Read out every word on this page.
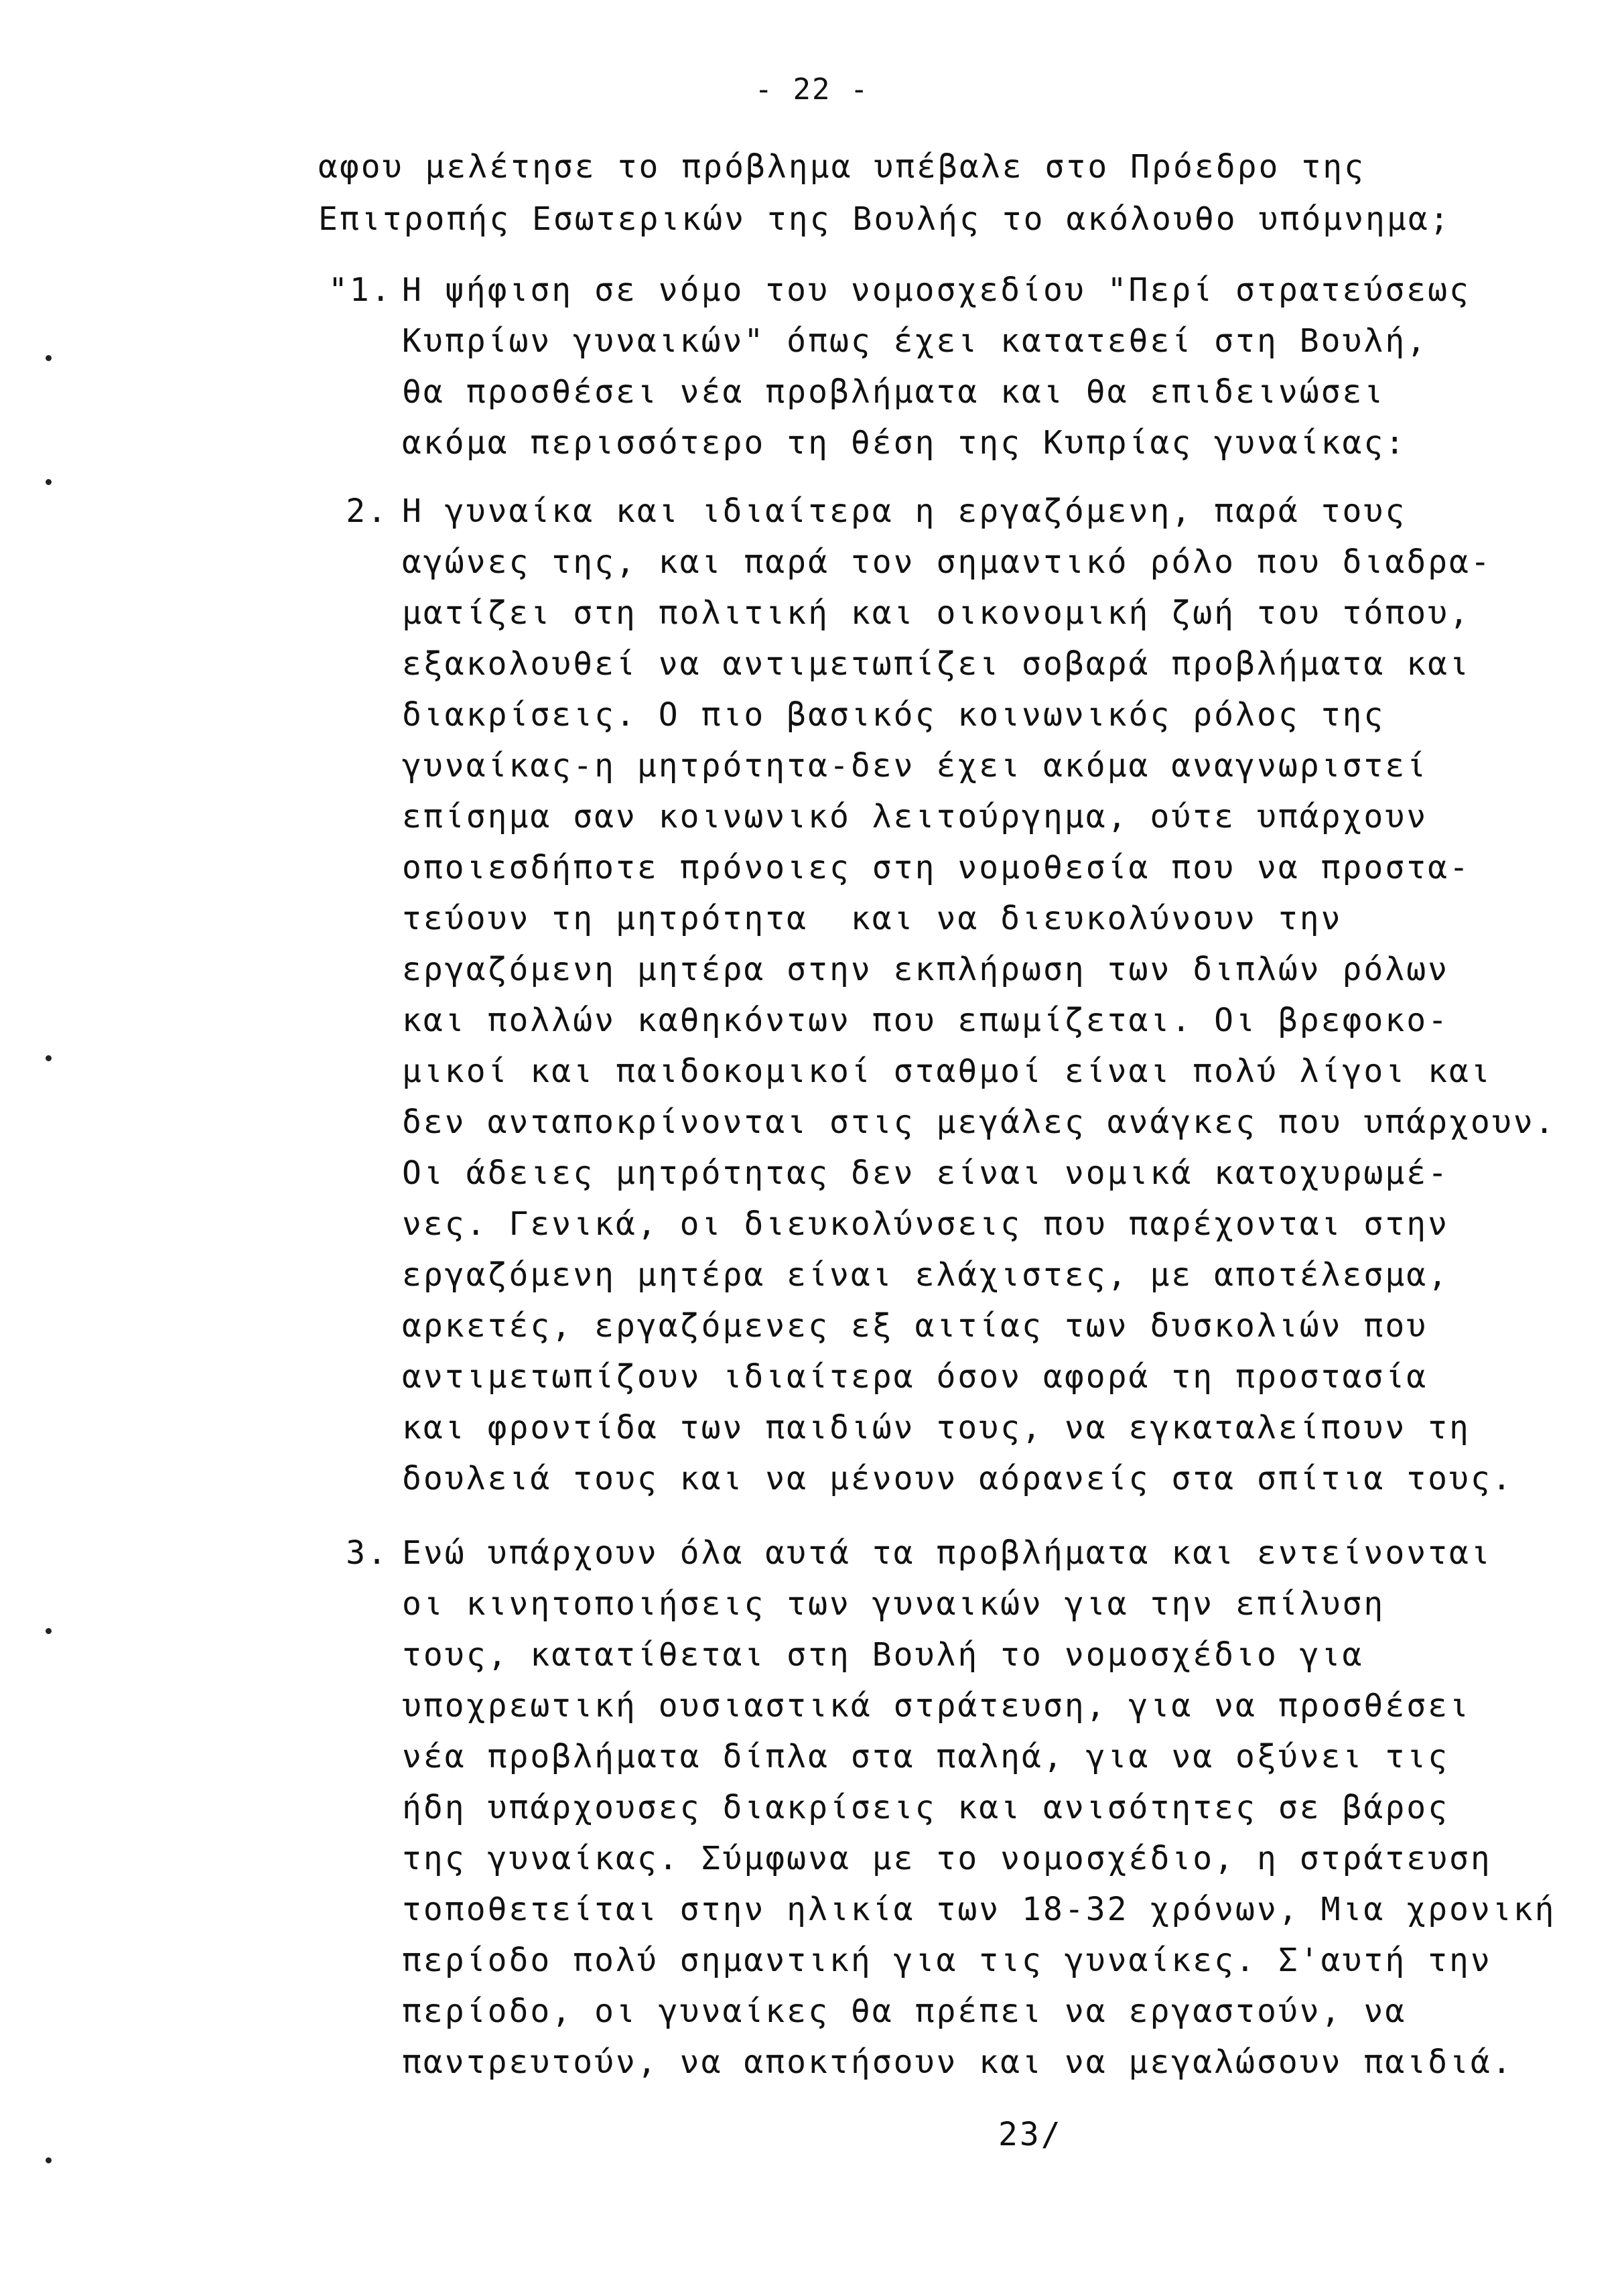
- 22 -
αφου μελέτησε το πρόβλημα υπέβαλε στο Πρόεδρο της
Επιτροπής Εσωτερικών της Βουλής το ακόλουθο υπόμνημα;
"1. Η ψήφιση σε νόμο του νομοσχεδίου "Περί στρατεύσεως
Κυπρίων γυναικών" όπως έχει κατατεθεί στη Βουλή,
θα προσθέσει νέα προβλήματα και θα επιδεινώσει
ακόμα περισσότερο τη θέση της Κυπρίας γυναίκας:
2. Η γυναίκα και ιδιαίτερα η εργαζόμενη, παρά τους
αγώνες της, και παρά τον σημαντικό ρόλο που διαδρα-
ματίζει στη πολιτική και οικονομική ζωή του τόπου,
εξακολουθεί να αντιμετωπίζει σοβαρά προβλήματα και
διακρίσεις. Ο πιο βασικός κοινωνικός ρόλος της
γυναίκας-η μητρότητα-δεν έχει ακόμα αναγνωριστεί
επίσημα σαν κοινωνικό λειτούργημα, ούτε υπάρχουν
οποιεσδήποτε πρόνοιες στη νομοθεσία που να προστα-
τεύουν τη μητρότητα  και να διευκολύνουν την
εργαζόμενη μητέρα στην εκπλήρωση των διπλών ρόλων
και πολλών καθηκόντων που επωμίζεται. Οι βρεφοκο-
μικοί και παιδοκομικοί σταθμοί είναι πολύ λίγοι και
δεν ανταποκρίνονται στις μεγάλες ανάγκες που υπάρχουν.
Οι άδειες μητρότητας δεν είναι νομικά κατοχυρωμέ-
νες. Γενικά, οι διευκολύνσεις που παρέχονται στην
εργαζόμενη μητέρα είναι ελάχιστες, με αποτέλεσμα,
αρκετές, εργαζόμενες εξ αιτίας των δυσκολιών που
αντιμετωπίζουν ιδιαίτερα όσον αφορά τη προστασία
και φροντίδα των παιδιών τους, να εγκαταλείπουν τη
δουλειά τους και να μένουν αόρανείς στα σπίτια τους.
3. Ενώ υπάρχουν όλα αυτά τα προβλήματα και εντείνονται
οι κινητοποιήσεις των γυναικών για την επίλυση
τους, κατατίθεται στη Βουλή το νομοσχέδιο για
υποχρεωτική ουσιαστικά στράτευση, για να προσθέσει
νέα προβλήματα δίπλα στα παληά, για να οξύνει τις
ήδη υπάρχουσες διακρίσεις και ανισότητες σε βάρος
της γυναίκας. Σύμφωνα με το νομοσχέδιο, η στράτευση
τοποθετείται στην ηλικία των 18-32 χρόνων, Μια χρονική
περίοδο πολύ σημαντική για τις γυναίκες. Σ'αυτή την
περίοδο, οι γυναίκες θα πρέπει να εργαστούν, να
παντρευτούν, να αποκτήσουν και να μεγαλώσουν παιδιά.
23/
